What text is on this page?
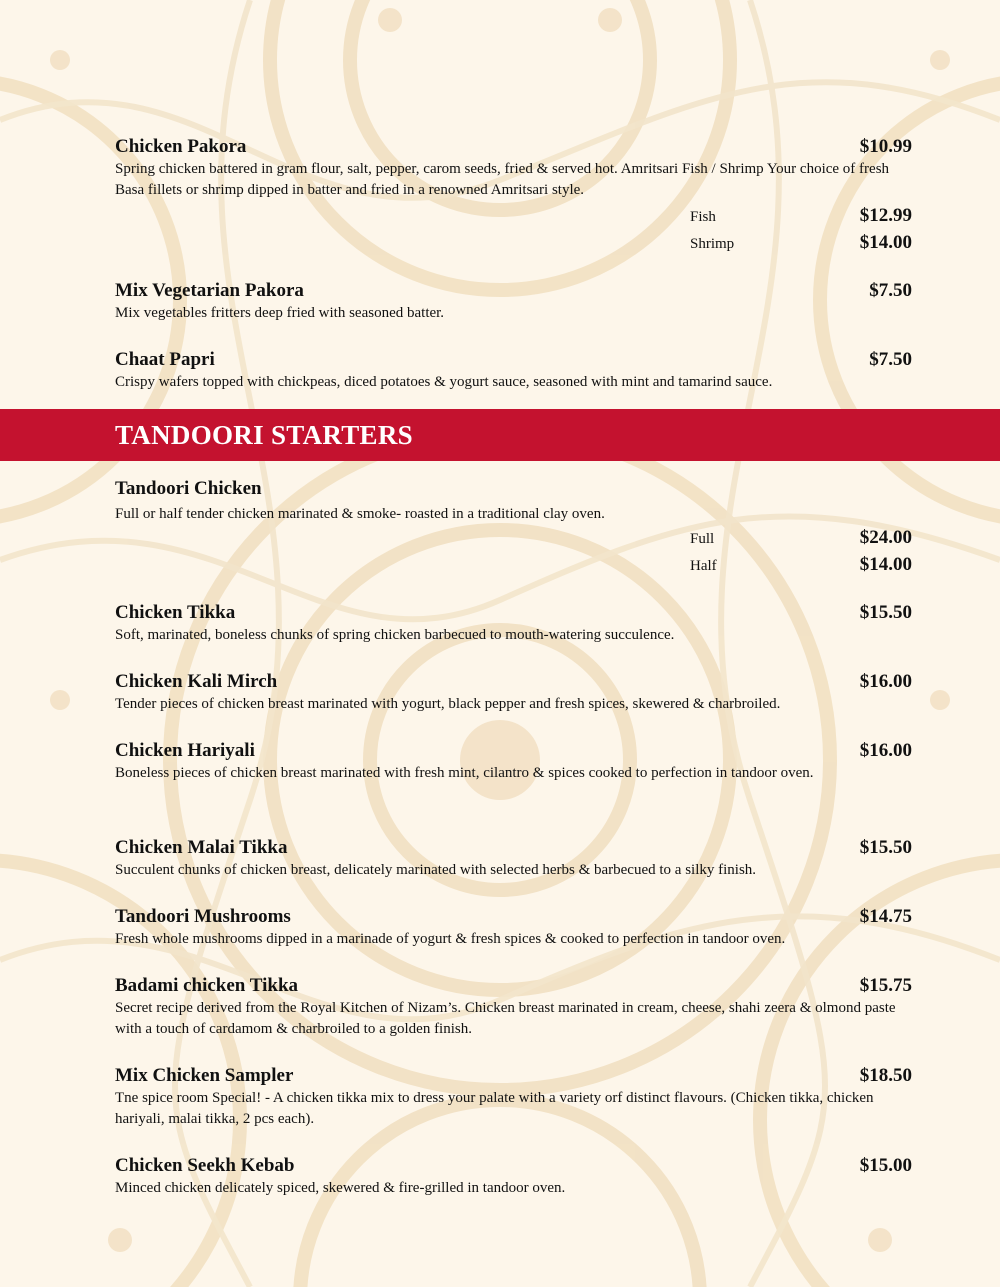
Chicken Pakora	$10.99
Spring chicken battered in gram flour, salt, pepper, carom seeds, fried & served hot. Amritsari Fish / Shrimp Your choice of fresh Basa fillets or shrimp dipped in batter and fried in a renowned Amritsari style.
Fish	$12.99
Shrimp	$14.00
Mix Vegetarian Pakora	$7.50
Mix vegetables fritters deep fried with seasoned batter.
Chaat Papri	$7.50
Crispy wafers topped with chickpeas, diced potatoes & yogurt sauce, seasoned with mint and tamarind sauce.
TANDOORI STARTERS
Tandoori Chicken
Full or half tender chicken marinated & smoke- roasted in a traditional clay oven.
Full	$24.00
Half	$14.00
Chicken Tikka	$15.50
Soft, marinated, boneless chunks of spring chicken barbecued to mouth-watering succulence.
Chicken Kali Mirch	$16.00
Tender pieces of chicken breast marinated with yogurt, black pepper and fresh spices, skewered & charbroiled.
Chicken Hariyali	$16.00
Boneless pieces of chicken breast marinated with fresh mint, cilantro & spices cooked to perfection in tandoor oven.
Chicken Malai Tikka	$15.50
Succulent chunks of chicken breast, delicately marinated with selected herbs & barbecued to a silky finish.
Tandoori Mushrooms	$14.75
Fresh whole mushrooms dipped in a marinade of yogurt & fresh spices & cooked to perfection in tandoor oven.
Badami chicken Tikka	$15.75
Secret recipe derived from the Royal Kitchen of Nizam’s. Chicken breast marinated in cream, cheese, shahi zeera & olmond paste with a touch of cardamom & charbroiled to a golden finish.
Mix Chicken Sampler	$18.50
Tne spice room Special! - A chicken tikka mix to dress your palate with a variety orf distinct flavours. (Chicken tikka, chicken hariyali, malai tikka, 2 pcs each).
Chicken Seekh Kebab	$15.00
Minced chicken delicately spiced, skewered & fire-grilled in tandoor oven.
